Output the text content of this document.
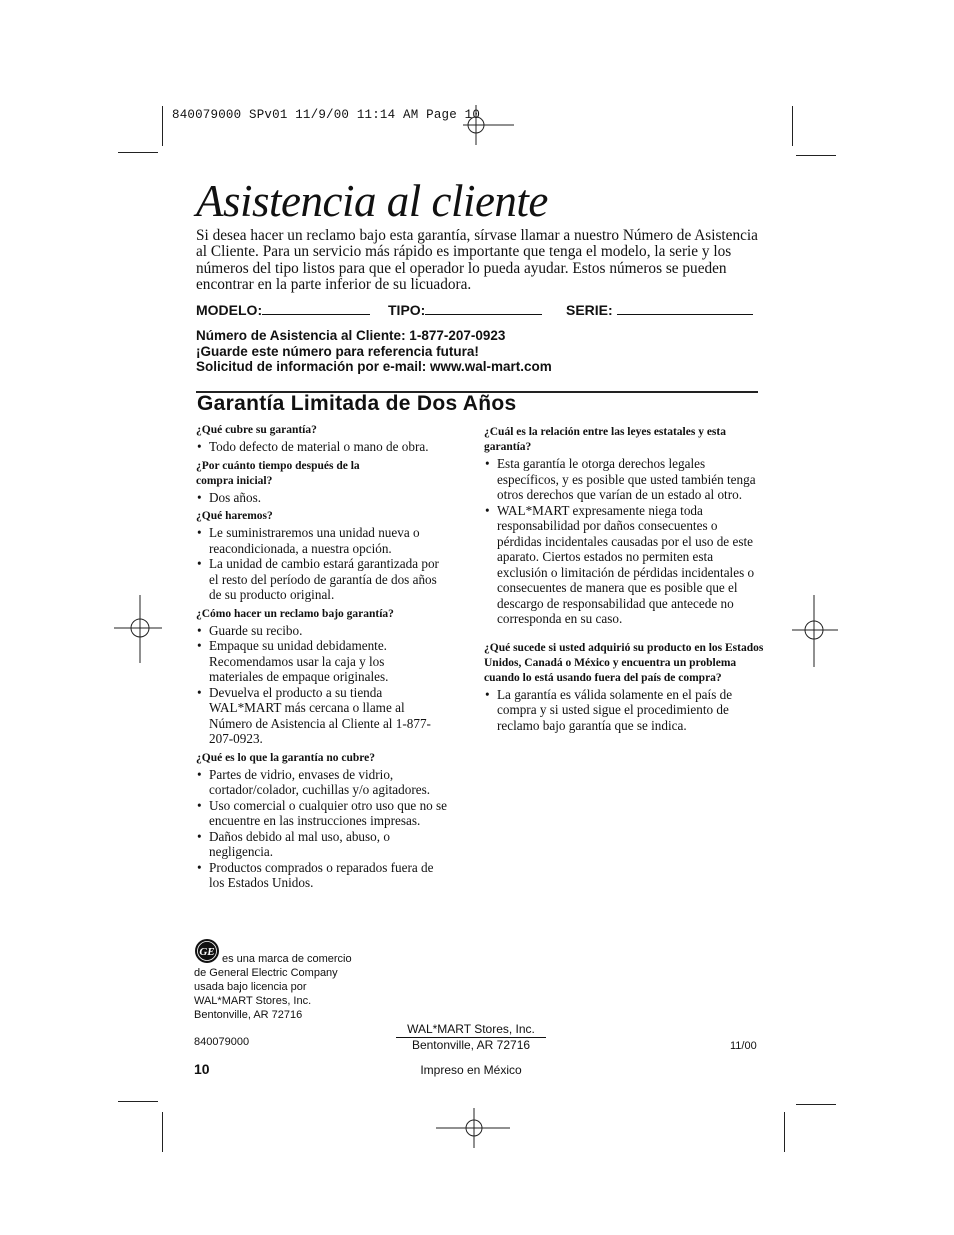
840079000 SPv01 11/9/00 11:14 AM Page 10
Asistencia al cliente
Si desea hacer un reclamo bajo esta garantía, sírvase llamar a nuestro Número de Asistencia al Cliente. Para un servicio más rápido es importante que tenga el modelo, la serie y los números del tipo listos para que el operador lo pueda ayudar. Estos números se pueden encontrar en la parte inferior de su licuadora.
MODELO:	TIPO:	SERIE:
Número de Asistencia al Cliente: 1-877-207-0923
¡Guarde este número para referencia futura!
Solicitud de información por e-mail: www.wal-mart.com
Garantía Limitada de Dos Años
¿Qué cubre su garantía?
• Todo defecto de material o mano de obra.
¿Por cuánto tiempo después de la compra inicial?
• Dos años.
¿Qué haremos?
• Le suministraremos una unidad nueva o reacondicionada, a nuestra opción.
• La unidad de cambio estará garantizada por el resto del período de garantía de dos años de su producto original.
¿Cómo hacer un reclamo bajo garantía?
• Guarde su recibo.
• Empaque su unidad debidamente. Recomendamos usar la caja y los materiales de empaque originales.
• Devuelva el producto a su tienda WAL*MART más cercana o llame al Número de Asistencia al Cliente al 1-877-207-0923.
¿Qué es lo que la garantía no cubre?
• Partes de vidrio, envases de vidrio, cortador/colador, cuchillas y/o agitadores.
• Uso comercial o cualquier otro uso que no se encuentre en las instrucciones impresas.
• Daños debido al mal uso, abuso, o negligencia.
• Productos comprados o reparados fuera de los Estados Unidos.
¿Cuál es la relación entre las leyes estatales y esta garantía?
• Esta garantía le otorga derechos legales específicos, y es posible que usted también tenga otros derechos que varían de un estado al otro.
• WAL*MART expresamente niega toda responsabilidad por daños consecuentes o pérdidas incidentales causadas por el uso de este aparato. Ciertos estados no permiten esta exclusión o limitación de pérdidas incidentales o consecuentes de manera que es posible que el descargo de responsabilidad que antecede no corresponda en su caso.
¿Qué sucede si usted adquirió su producto en los Estados Unidos, Canadá o México y encuentra un problema cuando lo está usando fuera del país de compra?
• La garantía es válida solamente en el país de compra y si usted sigue el procedimiento de reclamo bajo garantía que se indica.
GE
es una marca de comercio
de General Electric Company
usada bajo licencia por
WAL*MART Stores, Inc.
Bentonville, AR 72716
840079000
10
WAL*MART Stores, Inc.
Bentonville, AR 72716
Impreso en México
11/00
